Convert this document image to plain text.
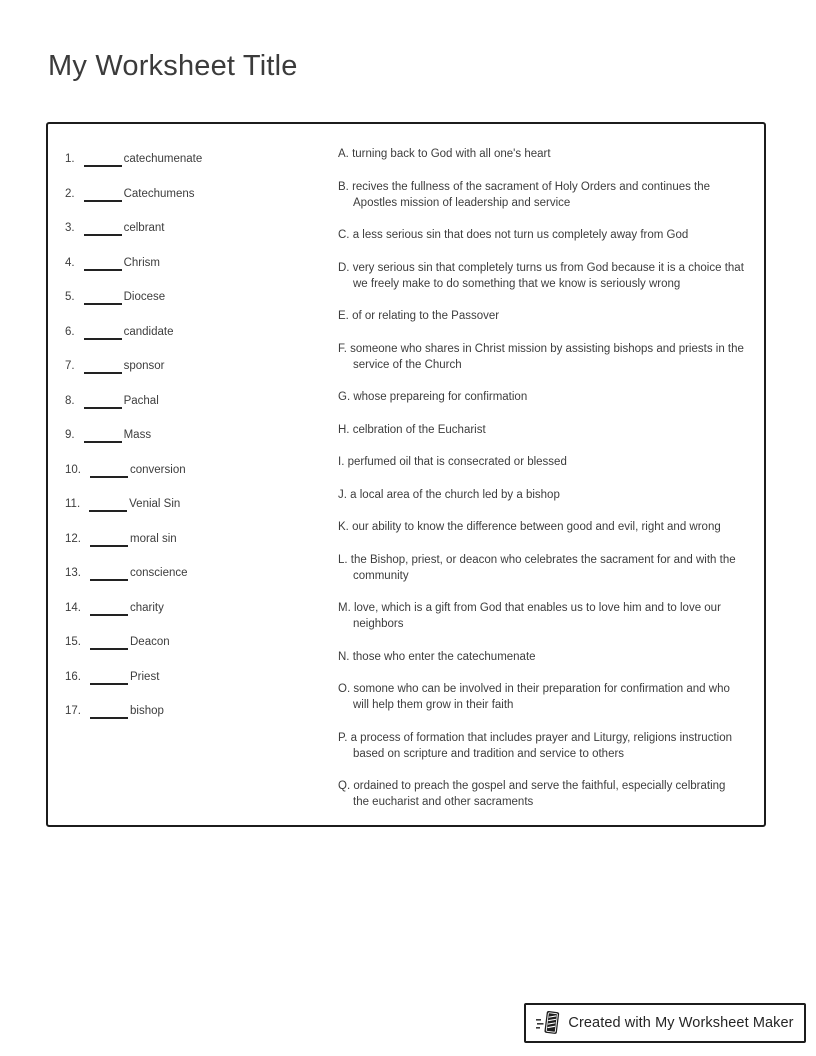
My Worksheet Title
1.	catechumenate
2.	Catechumens
3.	celbrant
4.	Chrism
5.	Diocese
6.	candidate
7.	sponsor
8.	Pachal
9.	Mass
10.	conversion
11.	Venial Sin
12.	moral sin
13.	conscience
14.	charity
15.	Deacon
16.	Priest
17.	bishop
A. turning back to God with all one's heart
B. recives the fullness of the sacrament of Holy Orders and continues the Apostles mission of leadership and service
C. a less serious sin that does not turn us completely away from God
D. very serious sin that completely turns us from God because it is a choice that we freely make to do something that we know is seriously wrong
E. of or relating to the Passover
F. someone who shares in Christ mission by assisting bishops and priests in the service of the Church
G. whose prepareing for confirmation
H. celbration of the Eucharist
I. perfumed oil that is consecrated or blessed
J. a local area of the church led by a bishop
K. our ability to know the difference between good and evil, right and wrong
L. the Bishop, priest, or deacon who celebrates the sacrament for and with the community
M. love, which is a gift from God that enables us to love him and to love our neighbors
N. those who enter the catechumenate
O. somone who can be involved in their preparation for confirmation and who will help them grow in their faith
P. a process of formation that includes prayer and Liturgy, religions instruction based on scripture and tradition and service to others
Q. ordained to preach the gospel and serve the faithful, especially celbrating the eucharist and other sacraments
Created with My Worksheet Maker
